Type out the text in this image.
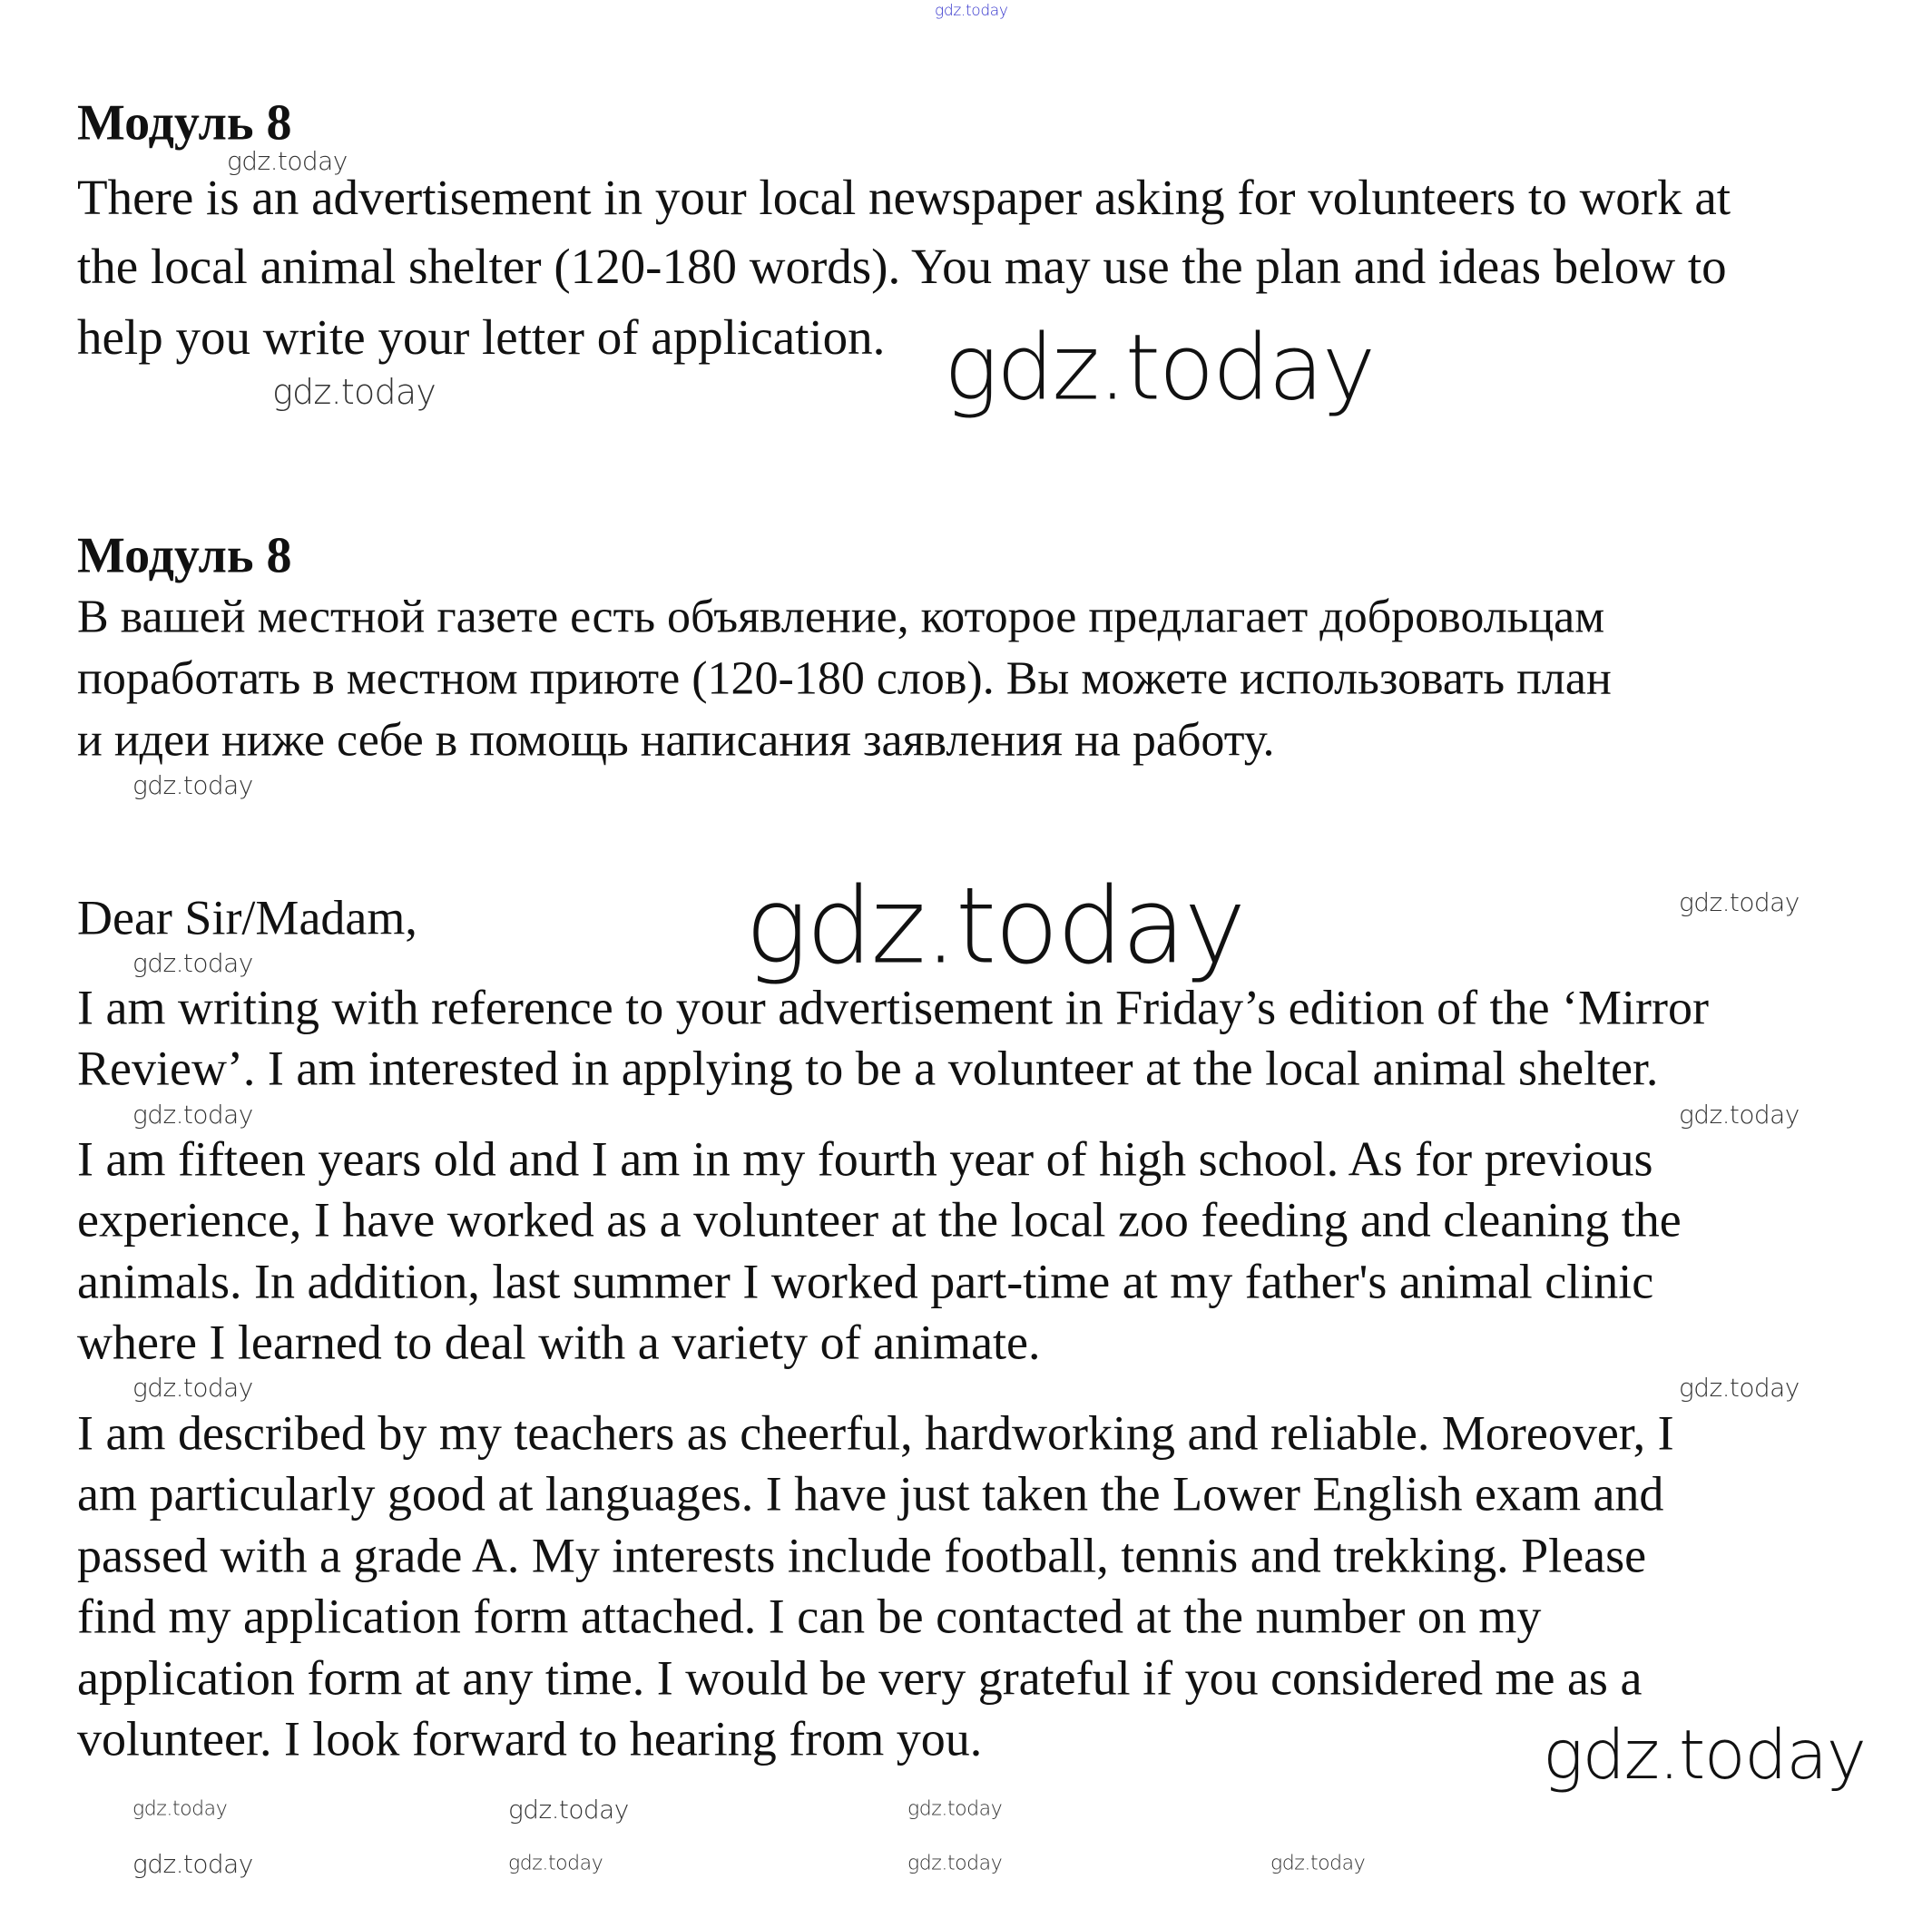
Модуль 8
There is an advertisement in your local newspaper asking for volunteers to work at
the local animal shelter (120-180 words). You may use the plan and ideas below to
help you write your letter of application.
Модуль 8
В вашей местной газете есть объявление, которое предлагает добровольцам
поработать в местном приюте (120-180 слов). Вы можете использовать план
и идеи ниже себе в помощь написания заявления на работу.
Dear Sir/Madam,
I am writing with reference to your advertisement in Friday’s edition of the ‘Mirror
Review’. I am interested in applying to be a volunteer at the local animal shelter.
I am fifteen years old and I am in my fourth year of high school. As for previous
experience, I have worked as a volunteer at the local zoo feeding and cleaning the
animals. In addition, last summer I worked part-time at my father's animal clinic
where I learned to deal with a variety of animate.
I am described by my teachers as cheerful, hardworking and reliable. Moreover, I
am particularly good at languages. I have just taken the Lower English exam and
passed with a grade A. My interests include football, tennis and trekking. Please
find my application form attached. I can be contacted at the number on my
application form at any time. I would be very grateful if you considered me as a
volunteer. I look forward to hearing from you.
gdz.today
gdz.today
gdz.today
gdz.today
gdz.today
gdz.today
gdz.today
gdz.today
gdz.today
gdz.today
gdz.today
gdz.today
gdz.today	gdz.today	gdz.today
gdz.today	gdz.today	gdz.today	gdz.today
gdz.today
